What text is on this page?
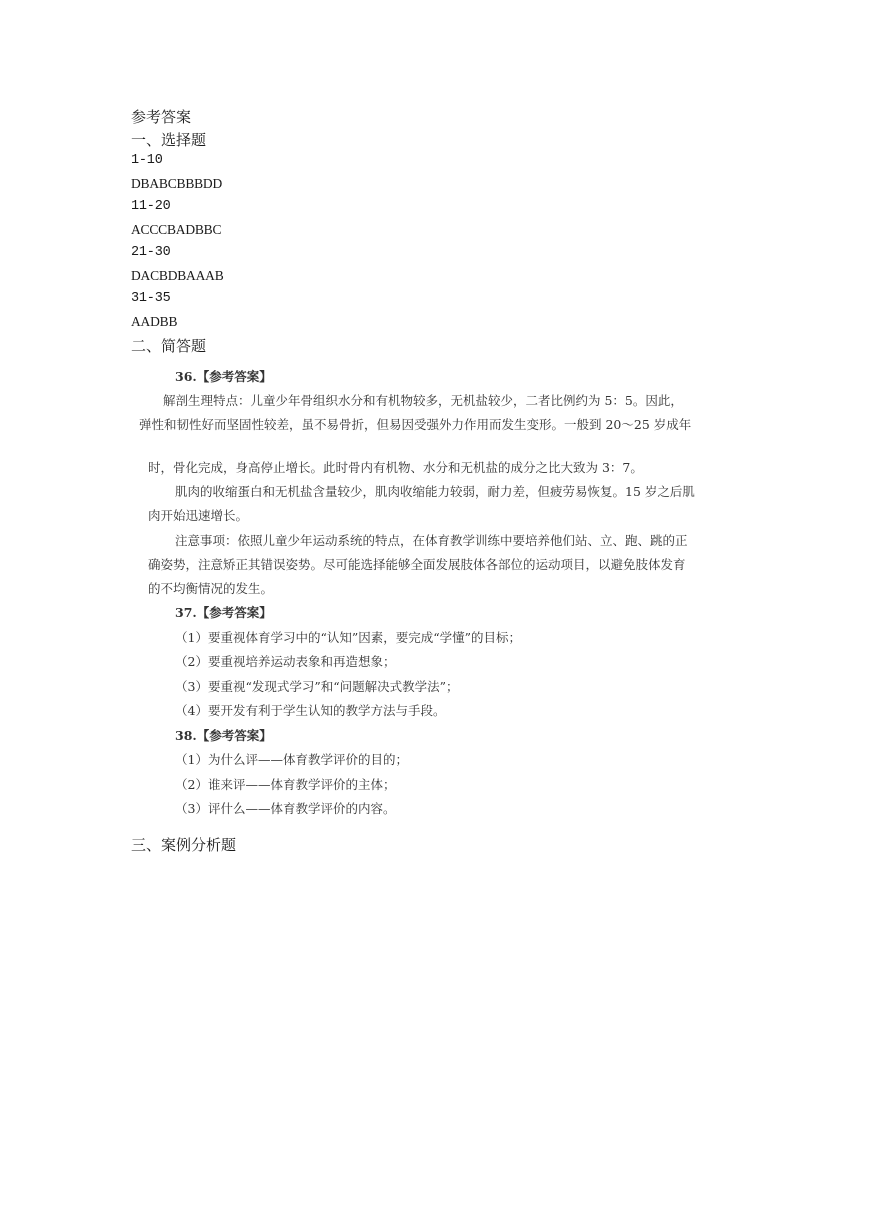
参考答案
一、选择题
1-10
DBABCBBBDD
11-20
ACCCBADBBC
21-30
DACBDBAAAB
31-35
AADBB
二、简答题
36.【参考答案】
解剖生理特点：儿童少年骨组织水分和有机物较多，无机盐较少，二者比例约为 5：5。因此，
弹性和韧性好而坚固性较差，虽不易骨折，但易因受强外力作用而发生变形。一般到 20～25 岁成年
时，骨化完成，身高停止增长。此时骨内有机物、水分和无机盐的成分之比大致为 3：7。
肌肉的收缩蛋白和无机盐含量较少，肌肉收缩能力较弱，耐力差，但疲劳易恢复。15 岁之后肌
肉开始迅速增长。
注意事项：依照儿童少年运动系统的特点，在体育教学训练中要培养他们站、立、跑、跳的正
确姿势，注意矫正其错误姿势。尽可能选择能够全面发展肢体各部位的运动项目，以避免肢体发育
的不均衡情况的发生。
37.【参考答案】
（1）要重视体育学习中的“认知”因素，要完成“学懂”的目标；
（2）要重视培养运动表象和再造想象；
（3）要重视“发现式学习”和“问题解决式教学法”；
（4）要开发有利于学生认知的教学方法与手段。
38.【参考答案】
（1）为什么评——体育教学评价的目的；
（2）谁来评——体育教学评价的主体；
（3）评什么——体育教学评价的内容。
三、案例分析题
